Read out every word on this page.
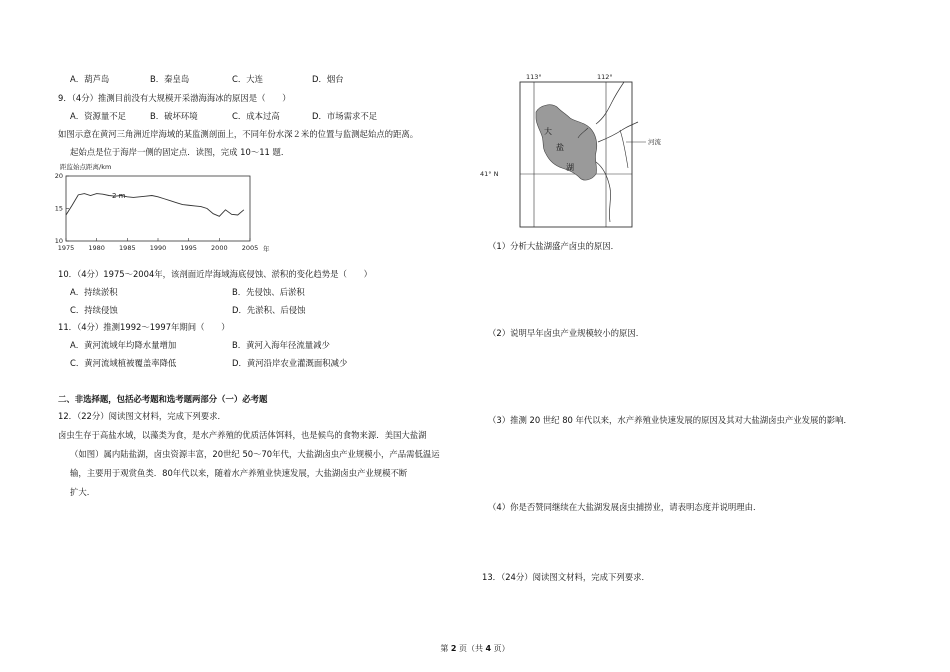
A．葫芦岛	B．秦皇岛	C．大连	D．烟台
9．（4分）推测目前没有大规模开采渤海海冰的原因是（　　）
A．资源量不足	B．破坏环境	C．成本过高	D．市场需求不足
如图示意在黄河三角洲近岸海域的某监测剖面上，不同年份水深２米的位置与监测起始点的距离。
起始点是位于海岸一侧的固定点．读图，完成 10～11 题．
距监始点距离/km
10
15
20
1975 1980 1985 1990 1995 2000 2005
2 m
年
10．（4分）1975～2004年，该剖面近岸海域海底侵蚀、淤积的变化趋势是（　　）
A．持续淤积	B．先侵蚀、后淤积
C．持续侵蚀	D．先淤积、后侵蚀
11．（4分）推测1992～1997年期间（　　）
A．黄河流域年均降水量增加	B．黄河入海年径流量减少
C．黄河流域植被覆盖率降低	D．黄河沿岸农业灌溉面积减少
二、非选择题，包括必考题和选考题两部分（一）必考题
12．（22分）阅读图文材料，完成下列要求．
卤虫生存于高盐水域，以藻类为食，是水产养殖的优质活体饵料，也是候鸟的食物来源．美国大盐湖
（如图）属内陆盐湖，卤虫资源丰富，20世纪 50～70年代，大盐湖卤虫产业规模小，产品需低温运
输，主要用于观赏鱼类．80年代以来，随着水产养殖业快速发展，大盐湖卤虫产业规模不断
扩大．
113°	112°
41° N
大
盐
湖
河流
（1）分析大盐湖盛产卤虫的原因．
（2）说明早年卤虫产业规模较小的原因．
（3）推测 20 世纪 80 年代以来，水产养殖业快速发展的原因及其对大盐湖卤虫产业发展的影响．
（4）你是否赞同继续在大盐湖发展卤虫捕捞业，请表明态度并说明理由．
13．（24分）阅读图文材料，完成下列要求．
第 2 页（共 4 页）
